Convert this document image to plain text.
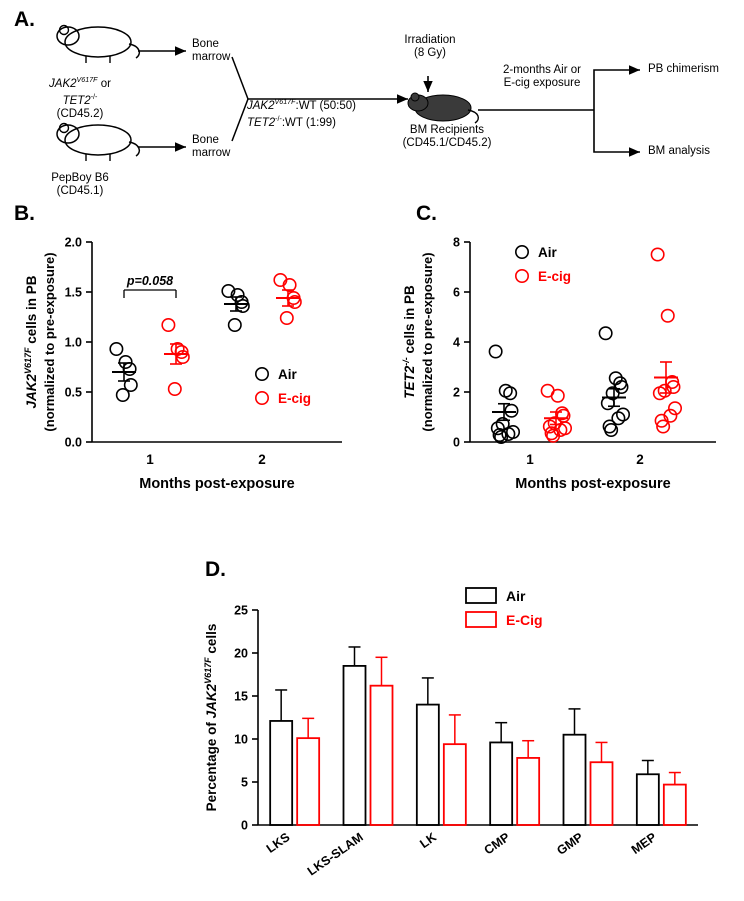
A.
$JAK2^{V617F}$ or
TET2-/-
(CD45.2)
PepBoy B6
(CD45.1)
Bone
marrow
Bone
marrow
$JAK2^{V617F}:WT$ (50:50)
TET2-/-:WT (1:99)
Irradiation
(8 Gy)
BM Recipients
(CD45.1/CD45.2)
2-months Air or
E-cig exposure
PB chimerism
BM analysis
B.
0.0
0.5
1.0
1.5
2.0
1	2
Months post-exposure
$JAK2^{V617F}$ cells in PB (normalized to pre-exposure)	Air
E-cig
p=0.058
C.
0
2
4
6
8
1	2
Months post-exposure
TET2-/- cells in PB (normalized to pre-exposure)	Air
E-cig
D.
0
5
10
15
20
25
LKS LKS-SLAM	LK	CMP	GMP	MEP
Percentage of $JAK2^{V617F}$ cells
Air
E-Cig
